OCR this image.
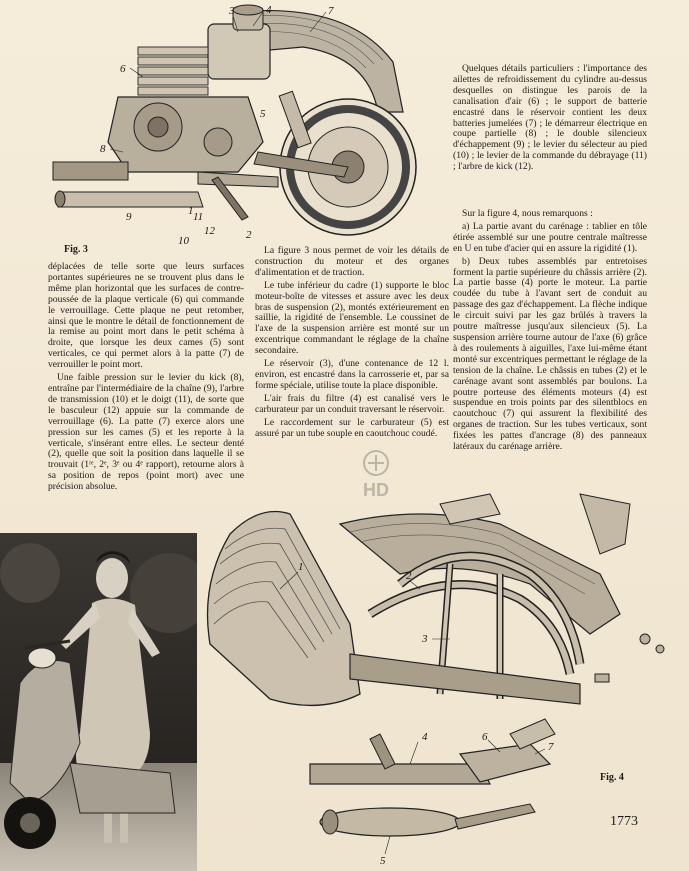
3	4	7
6
5
8
9
10
1 11
12	2
Fig. 3

déplacées de telle sorte que leurs surfaces portantes supérieures ne se trouvent plus dans le même plan horizontal que les surfaces de contre-poussée de la plaque verticale (6) qui commande le verrouillage. Cette plaque ne peut retomber, ainsi que le montre le détail de fonctionnement de la remise au point mort dans le petit schéma à droite, que lorsque les deux cames (5) sont verticales, ce qui permet alors à la patte (7) de verrouiller le point mort.

Une faible pression sur le levier du kick (8), entraîne par l'intermédiaire de la chaîne (9), l'arbre de transmission (10) et le doigt (11), de sorte que le basculeur (12) appuie sur la commande de verrouillage (6). La patte (7) exerce alors une pression sur les cames (5) et les reporte à la verticale, s'insérant entre elles. Le secteur denté (2), quelle que soit la position dans laquelle il se trouvait (1ʳᵉ, 2ᵉ, 3ᵉ ou 4ᵉ rapport), retourne alors à sa position de repos (point mort) avec une précision absolue.

La figure 3 nous permet de voir les détails de construction du moteur et des organes d'alimentation et de traction.

Le tube inférieur du cadre (1) supporte le bloc moteur-boîte de vitesses et assure avec les deux bras de suspension (2), montés extérieurement en saillie, la rigidité de l'ensemble. Le coussinet de l'axe de la suspension arrière est monté sur un excentrique commandant le réglage de la chaîne secondaire.

Le réservoir (3), d'une contenance de 12 l. environ, est encastré dans la carrosserie et, par sa forme spéciale, utilise toute la place disponible.

L'air frais du filtre (4) est canalisé vers le carburateur par un conduit traversant le réservoir.

Le raccordement sur le carburateur (5) est assuré par un tube souple en caoutchouc coudé.

Quelques détails particuliers : l'importance des ailettes de refroidissement du cylindre au-dessus desquelles on distingue les parois de la canalisation d'air (6) ; le support de batterie encastré dans le réservoir contient les deux batteries jumelées (7) ; le démarreur électrique en coupe partielle (8) ; le double silencieux d'échappement (9) ; le levier du sélecteur au pied (10) ; le levier de la commande du débrayage (11) ; l'arbre de kick (12).

Sur la figure 4, nous remarquons :

a) La partie avant du carénage : tablier en tôle étirée assemblé sur une poutre centrale maîtresse en U en tube d'acier qui en assure la rigidité (1).

b) Deux tubes assemblés par entretoises forment la partie supérieure du châssis arrière (2). La partie basse (4) porte le moteur. La partie coudée du tube à l'avant sert de conduit au passage des gaz d'échappement. La flèche indique le circuit suivi par les gaz brûlés à travers la poutre maîtresse jusqu'aux silencieux (5). La suspension arrière tourne autour de l'axe (6) grâce à des roulements à aiguilles, l'axe lui-même étant monté sur excentriques permettant le réglage de la tension de la chaîne. Le châssis en tubes (2) et le carénage avant sont assemblés par boulons. La poutre porteuse des éléments moteurs (4) est suspendue en trois points par des silentblocs en caoutchouc (7) qui assurent la flexibilité des organes de traction. Sur les tubes verticaux, sont fixées les pattes d'ancrage (8) des panneaux latéraux du carénage arrière.

HD
1
2
3
4
5
6
7
Fig. 4
1773
